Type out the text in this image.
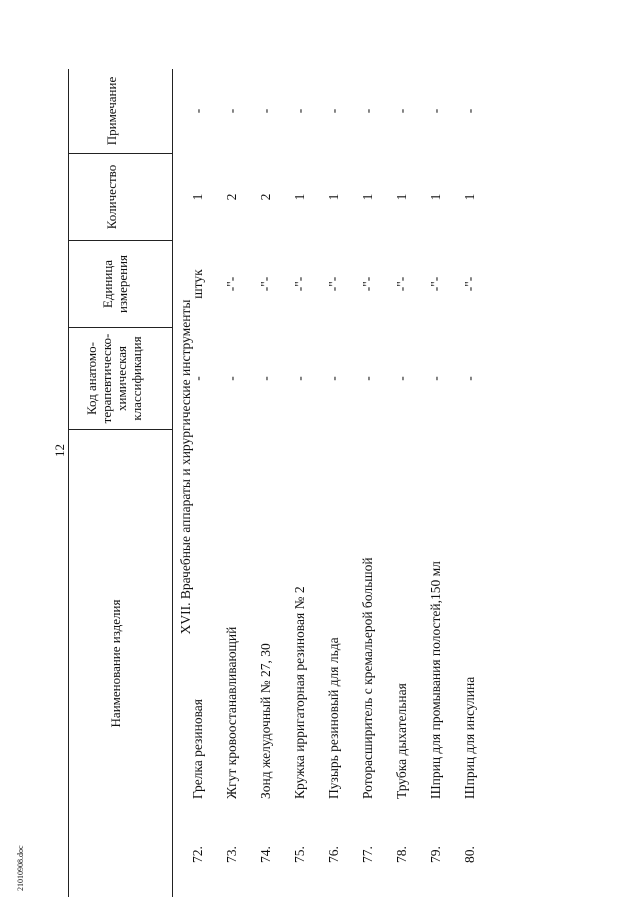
12
21010908.doc
Наименование изделия
Код анатомо- терапевтическо- химическая классификация
Единица измерения
Количество
Примечание
XVII. Врачебные аппараты и хирургические инструменты
72.
Грелка резиновая
-
штук
1
-
73.
Жгут кровоостанавливающий
-
-"-
2
-
74.
Зонд желудочный № 27, 30
-
-"-
2
-
75.
Кружка ирригаторная резиновая № 2
-
-"-
1
-
76.
Пузырь резиновый для льда
-
-"-
1
-
77.
Роторасширитель с кремальерой большой
-
-"-
1
-
78.
Трубка дыхательная
-
-"-
1
-
79.
Шприц для промывания полостей,150 мл
-
-"-
1
-
80.
Шприц для инсулина
-
-"-
1
-
